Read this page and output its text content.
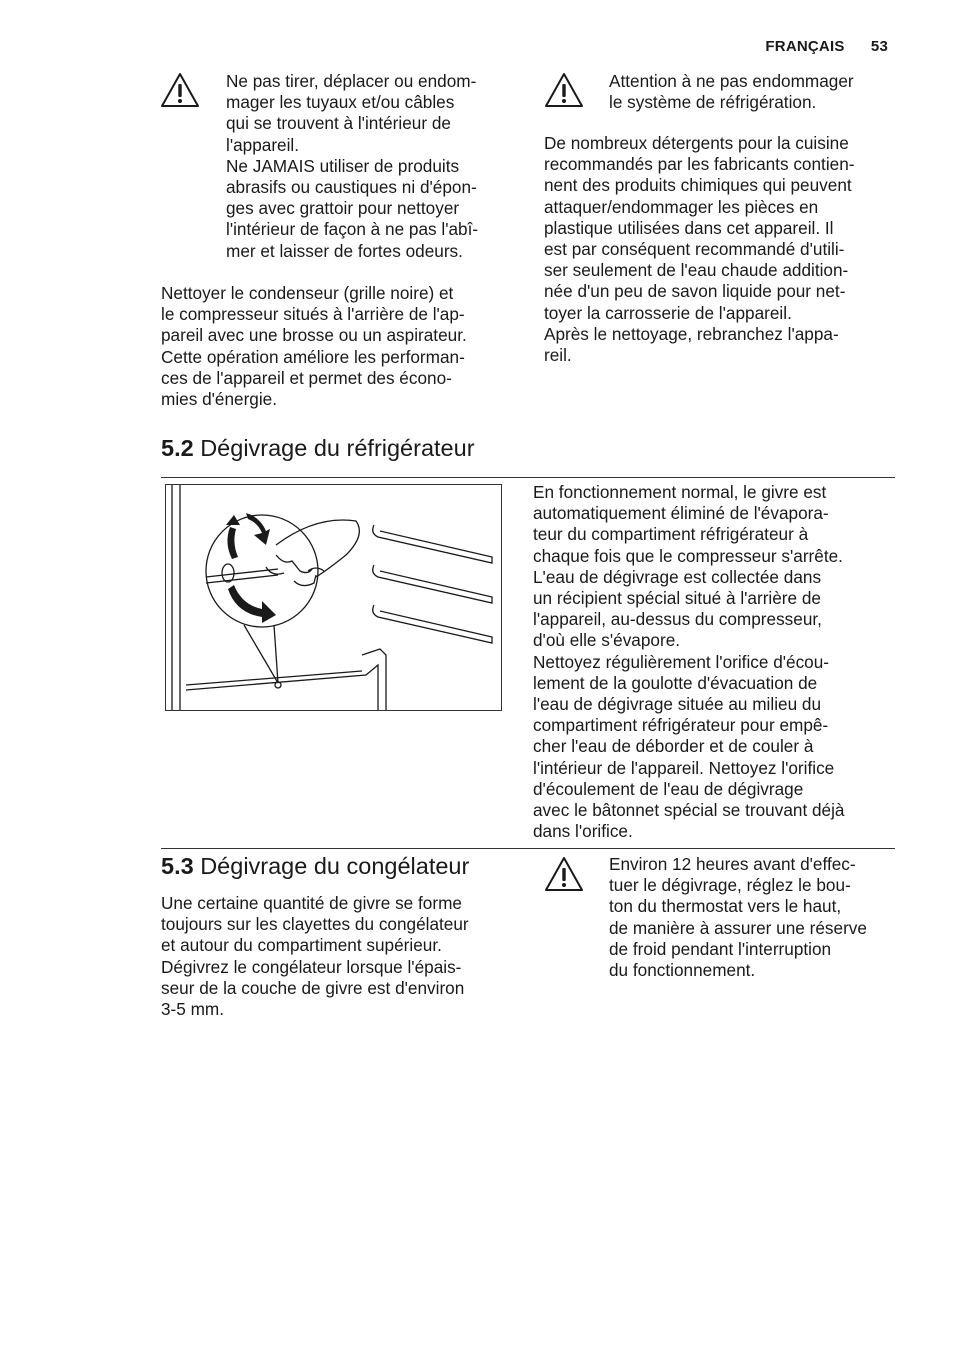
FRANÇAIS 53

Ne pas tirer, déplacer ou endom-

mager les tuyaux et/ou câbles

qui se trouvent à l'intérieur de

l'appareil.

Ne JAMAIS utiliser de produits

abrasifs ou caustiques ni d'épon-

ges avec grattoir pour nettoyer

l'intérieur de façon à ne pas l'abî-

mer et laisser de fortes odeurs.

Nettoyer le condenseur (grille noire) et

le compresseur situés à l'arrière de l'ap-

pareil avec une brosse ou un aspirateur.

Cette opération améliore les performan-

ces de l'appareil et permet des écono-

mies d'énergie.

Attention à ne pas endommager

le système de réfrigération.

De nombreux détergents pour la cuisine

recommandés par les fabricants contien-

nent des produits chimiques qui peuvent

attaquer/endommager les pièces en

plastique utilisées dans cet appareil. Il

est par conséquent recommandé d'utili-

ser seulement de l'eau chaude addition-

née d'un peu de savon liquide pour net-

toyer la carrosserie de l'appareil.

Après le nettoyage, rebranchez l'appa-

reil.

5.2 Dégivrage du réfrigérateur

En fonctionnement normal, le givre est

automatiquement éliminé de l'évapora-

teur du compartiment réfrigérateur à

chaque fois que le compresseur s'arrête.

L'eau de dégivrage est collectée dans

un récipient spécial situé à l'arrière de

l'appareil, au-dessus du compresseur,

d'où elle s'évapore.

Nettoyez régulièrement l'orifice d'écou-

lement de la goulotte d'évacuation de

l'eau de dégivrage située au milieu du

compartiment réfrigérateur pour empê-

cher l'eau de déborder et de couler à

l'intérieur de l'appareil. Nettoyez l'orifice

d'écoulement de l'eau de dégivrage

avec le bâtonnet spécial se trouvant déjà

dans l'orifice.

5.3 Dégivrage du congélateur

Une certaine quantité de givre se forme

toujours sur les clayettes du congélateur

et autour du compartiment supérieur.

Dégivrez le congélateur lorsque l'épais-

seur de la couche de givre est d'environ

3-5 mm.

Environ 12 heures avant d'effec-

tuer le dégivrage, réglez le bou-

ton du thermostat vers le haut,

de manière à assurer une réserve

de froid pendant l'interruption

du fonctionnement.
